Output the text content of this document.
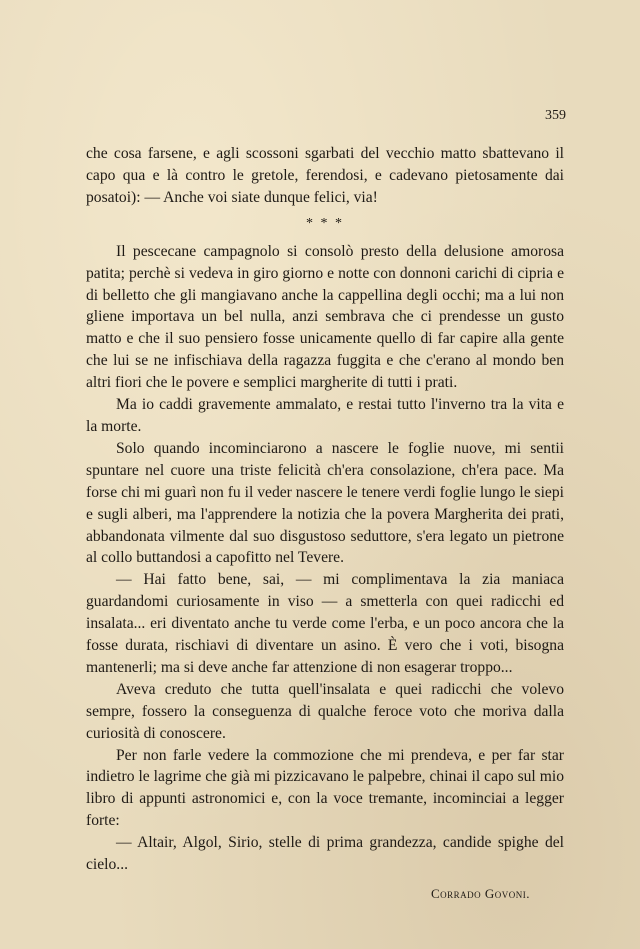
359

che cosa farsene, e agli scossoni sgarbati del vecchio matto sbattevano il capo qua e là contro le gretole, ferendosi, e cadevano pietosamente dai posatoi): — Anche voi siate dunque felici, via!

* * *

Il pescecane campagnolo si consolò presto della delusione amorosa patita; perchè si vedeva in giro giorno e notte con donnoni carichi di cipria e di belletto che gli mangiavano anche la cappellina degli occhi; ma a lui non gliene importava un bel nulla, anzi sembrava che ci prendesse un gusto matto e che il suo pensiero fosse unicamente quello di far capire alla gente che lui se ne infischiava della ragazza fuggita e che c'erano al mondo ben altri fiori che le povere e semplici margherite di tutti i prati.

Ma io caddi gravemente ammalato, e restai tutto l'inverno tra la vita e la morte.

Solo quando incominciarono a nascere le foglie nuove, mi sentii spuntare nel cuore una triste felicità ch'era consolazione, ch'era pace. Ma forse chi mi guarì non fu il veder nascere le tenere verdi foglie lungo le siepi e sugli alberi, ma l'apprendere la notizia che la povera Margherita dei prati, abbandonata vilmente dal suo disgustoso seduttore, s'era legato un pietrone al collo buttandosi a capofitto nel Tevere.

— Hai fatto bene, sai, — mi complimentava la zia maniaca guardandomi curiosamente in viso — a smetterla con quei radicchi ed insalata... eri diventato anche tu verde come l'erba, e un poco ancora che la fosse durata, rischiavi di diventare un asino. È vero che i voti, bisogna mantenerli; ma si deve anche far attenzione di non esagerar troppo...

Aveva creduto che tutta quell'insalata e quei radicchi che volevo sempre, fossero la conseguenza di qualche feroce voto che moriva dalla curiosità di conoscere.

Per non farle vedere la commozione che mi prendeva, e per far star indietro le lagrime che già mi pizzicavano le palpebre, chinai il capo sul mio libro di appunti astronomici e, con la voce tremante, incominciai a legger forte:

— Altair, Algol, Sirio, stelle di prima grandezza, candide spighe del cielo...

Corrado Govoni.
